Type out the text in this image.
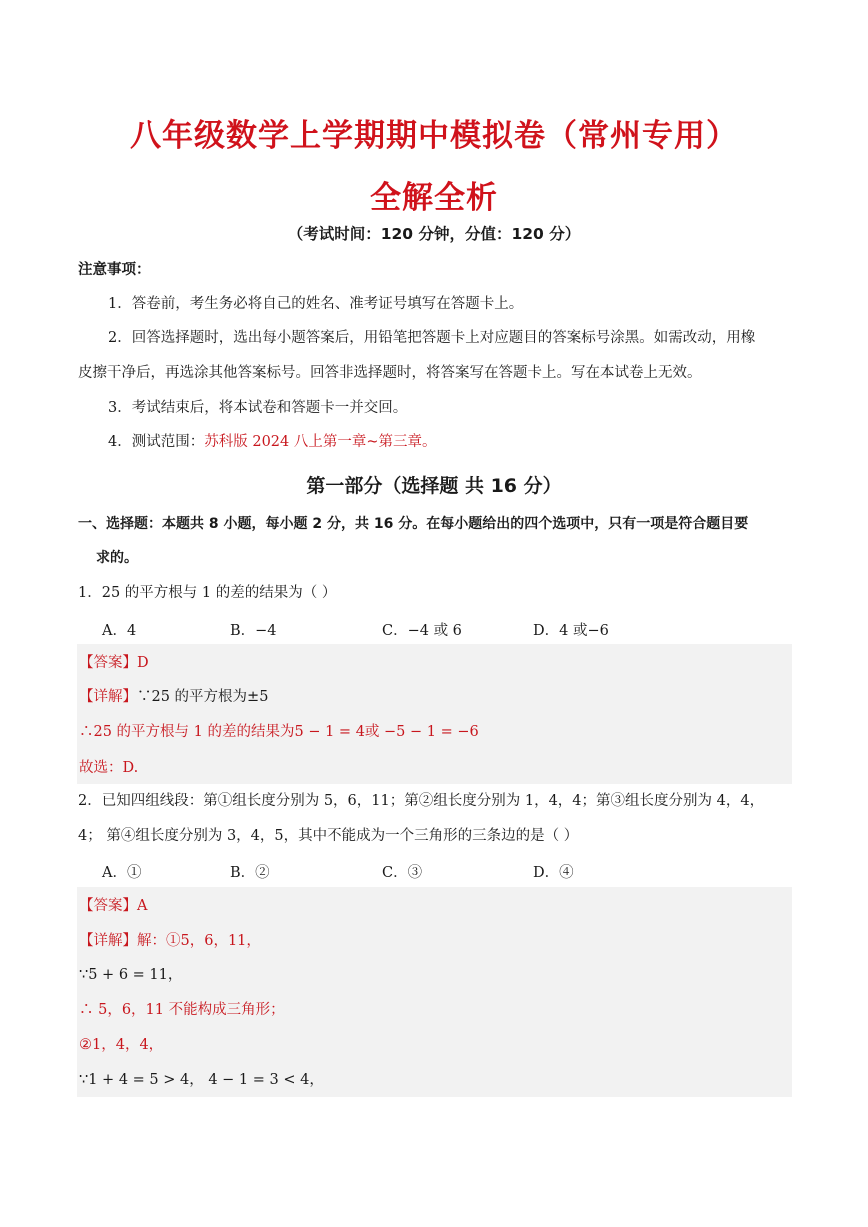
八年级数学上学期期中模拟卷（常州专用）
全解全析
（考试时间：120 分钟，分值：120 分）
注意事项：
1．答卷前，考生务必将自己的姓名、准考证号填写在答题卡上。
2．回答选择题时，选出每小题答案后，用铅笔把答题卡上对应题目的答案标号涂黑。如需改动，用橡
皮擦干净后，再选涂其他答案标号。回答非选择题时，将答案写在答题卡上。写在本试卷上无效。
3．考试结束后，将本试卷和答题卡一并交回。
4．测试范围：苏科版 2024 八上第一章~第三章。
第一部分（选择题 共 16 分）
一、选择题：本题共 8 小题，每小题 2 分，共 16 分。在每小题给出的四个选项中，只有一项是符合题目要
求的。
1．25 的平方根与 1 的差的结果为（ ）
A．4	B．−4	C．−4 或 6	D．4 或−6
【答案】D
【详解】∵25 的平方根为±5
∴25 的平方根与 1 的差的结果为5 − 1 = 4或 −5 − 1 = −6
故选：D.
2．已知四组线段：第①组长度分别为 5，6，11；第②组长度分别为 1，4，4；第③组长度分别为 4，4，
4； 第④组长度分别为 3，4，5，其中不能成为一个三角形的三条边的是（ ）
A．①	B．②	C．③	D．④
【答案】A
【详解】解：①5，6，11，
∵5 + 6 = 11，
∴ 5，6，11 不能构成三角形；
②1，4，4，
∵1 + 4 = 5 > 4， 4 − 1 = 3 < 4，
